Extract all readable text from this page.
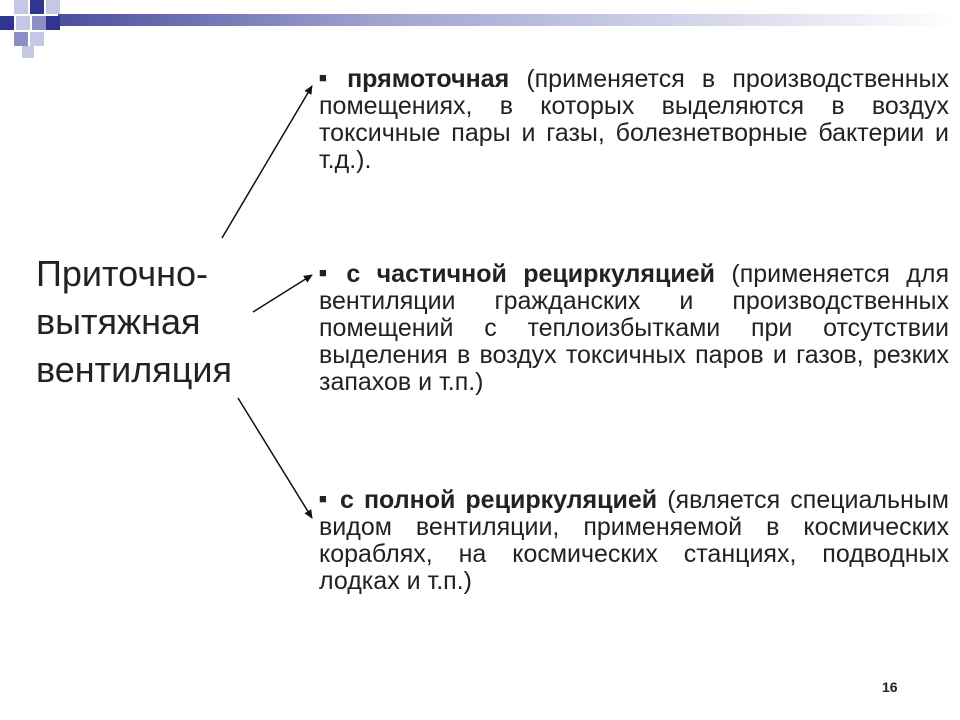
Приточно-
вытяжная
вентиляция
■ прямоточная (применяется в производственных помещениях, в которых выделяются в воздух токсичные пары и газы, болезнетворные бактерии и т.д.).
■ с частичной рециркуляцией (применяется для вентиляции гражданских и производственных помещений с теплоизбытками при отсутствии выделения в воздух токсичных паров и газов, резких запахов и т.п.)
■ с полной рециркуляцией (является специальным видом вентиляции, применяемой в космических кораблях, на космических станциях, подводных лодках и т.п.)
16
